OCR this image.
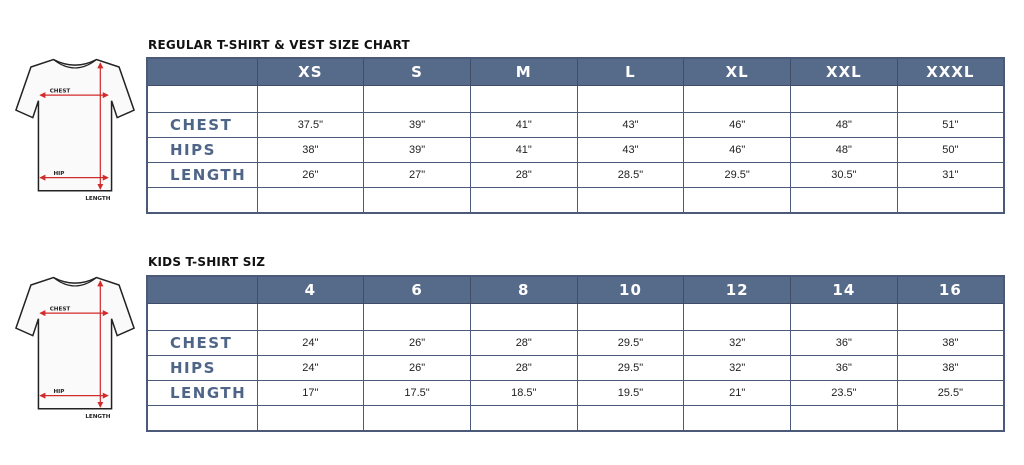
REGULAR T-SHIRT & VEST SIZE CHART
CHEST
HIP
LENGTH
	XS	S	M	L	XL	XXL	XXXL

CHEST	37.5"	39"	41"	43"	46"	48"	51"
HIPS	38"	39"	41"	43"	46"	48"	50"
LENGTH	26"	27"	28"	28.5"	29.5"	30.5"	31"

KIDS T-SHIRT SIZ
CHEST
HIP
LENGTH
	4	6	8	10	12	14	16

CHEST	24"	26"	28"	29.5"	32"	36"	38"
HIPS	24"	26"	28"	29.5"	32"	36"	38"
LENGTH	17"	17.5"	18.5"	19.5"	21"	23.5"	25.5"
